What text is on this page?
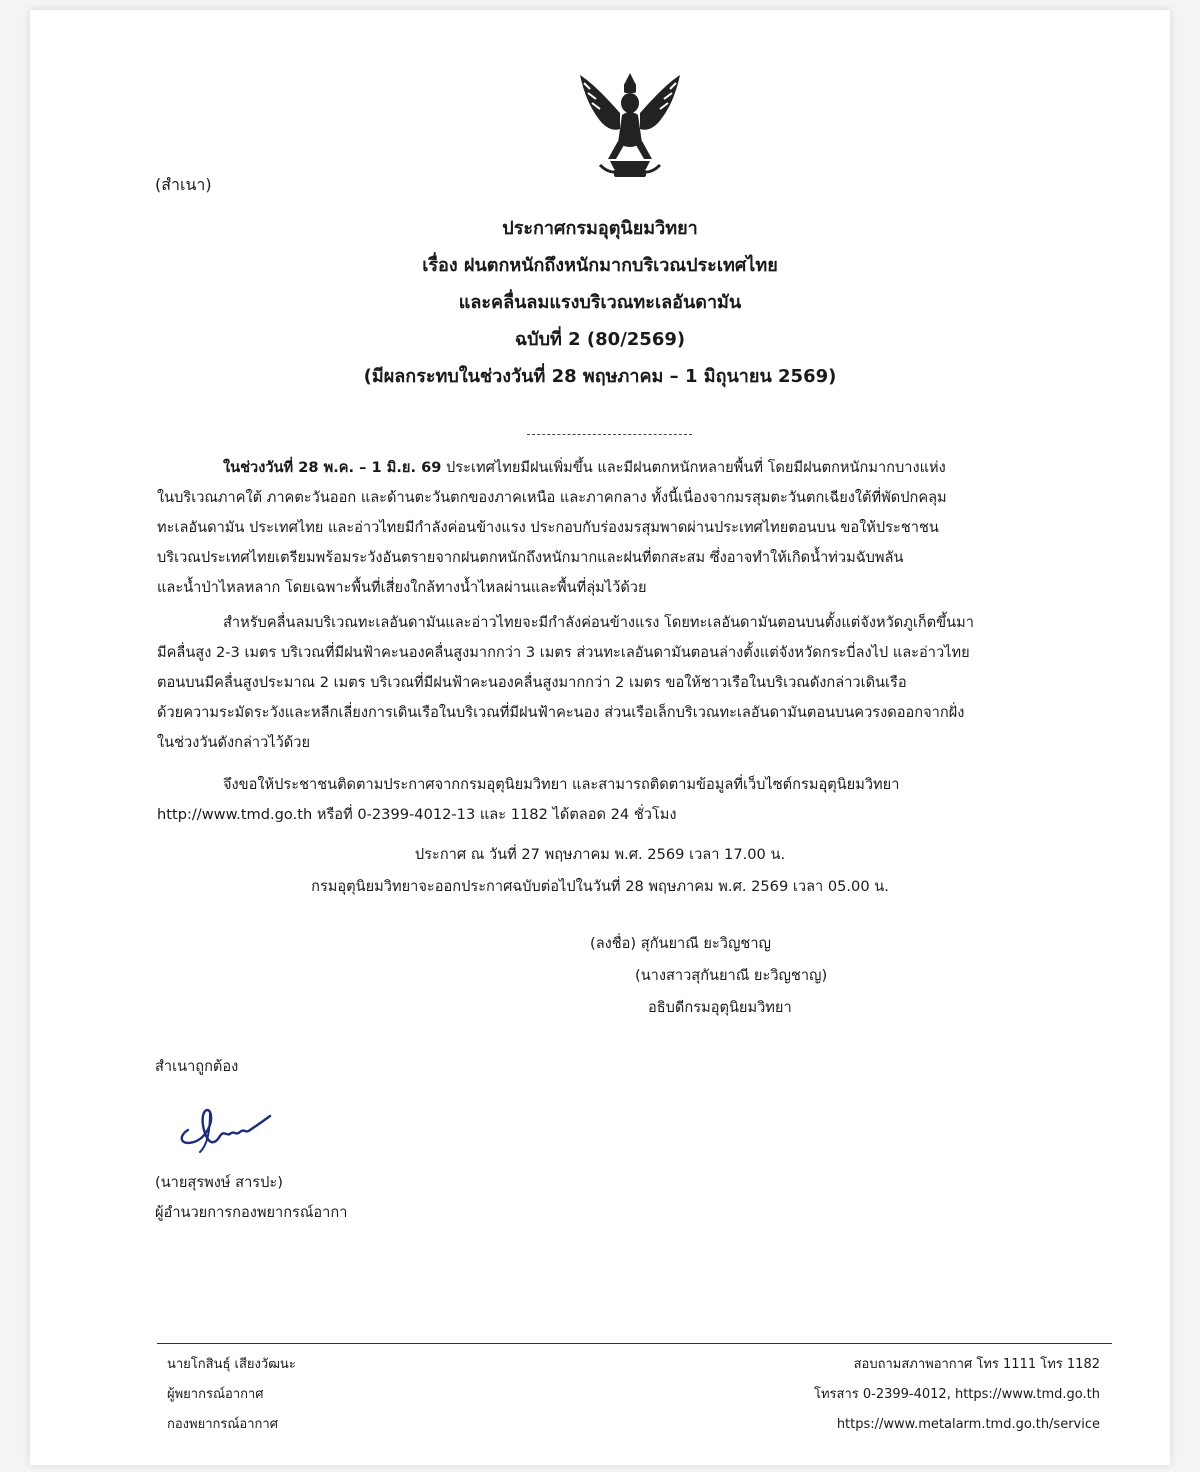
(สำเนา)
ประกาศกรมอุตุนิยมวิทยา
เรื่อง ฝนตกหนักถึงหนักมากบริเวณประเทศไทย
และคลื่นลมแรงบริเวณทะเลอันดามัน
ฉบับที่ 2 (80/2569)
(มีผลกระทบในช่วงวันที่ 28 พฤษภาคม – 1 มิถุนายน 2569)
ในช่วงวันที่ 28 พ.ค. – 1 มิ.ย. 69 ประเทศไทยมีฝนเพิ่มขึ้น และมีฝนตกหนักหลายพื้นที่ โดยมีฝนตกหนักมากบางแห่ง
ในบริเวณภาคใต้ ภาคตะวันออก และด้านตะวันตกของภาคเหนือ และภาคกลาง ทั้งนี้เนื่องจากมรสุมตะวันตกเฉียงใต้ที่พัดปกคลุม
ทะเลอันดามัน ประเทศไทย และอ่าวไทยมีกำลังค่อนข้างแรง ประกอบกับร่องมรสุมพาดผ่านประเทศไทยตอนบน ขอให้ประชาชน
บริเวณประเทศไทยเตรียมพร้อมระวังอันตรายจากฝนตกหนักถึงหนักมากและฝนที่ตกสะสม ซึ่งอาจทำให้เกิดน้ำท่วมฉับพลัน
และน้ำป่าไหลหลาก โดยเฉพาะพื้นที่เสี่ยงใกล้ทางน้ำไหลผ่านและพื้นที่ลุ่มไว้ด้วย
สำหรับคลื่นลมบริเวณทะเลอันดามันและอ่าวไทยจะมีกำลังค่อนข้างแรง โดยทะเลอันดามันตอนบนตั้งแต่จังหวัดภูเก็ตขึ้นมา
มีคลื่นสูง 2-3 เมตร บริเวณที่มีฝนฟ้าคะนองคลื่นสูงมากกว่า 3 เมตร ส่วนทะเลอันดามันตอนล่างตั้งแต่จังหวัดกระบี่ลงไป และอ่าวไทย
ตอนบนมีคลื่นสูงประมาณ 2 เมตร บริเวณที่มีฝนฟ้าคะนองคลื่นสูงมากกว่า 2 เมตร ขอให้ชาวเรือในบริเวณดังกล่าวเดินเรือ
ด้วยความระมัดระวังและหลีกเลี่ยงการเดินเรือในบริเวณที่มีฝนฟ้าคะนอง ส่วนเรือเล็กบริเวณทะเลอันดามันตอนบนควรงดออกจากฝั่ง
ในช่วงวันดังกล่าวไว้ด้วย
จึงขอให้ประชาชนติดตามประกาศจากกรมอุตุนิยมวิทยา และสามารถติดตามข้อมูลที่เว็บไซต์กรมอุตุนิยมวิทยา
http://www.tmd.go.th หรือที่ 0-2399-4012-13 และ 1182 ได้ตลอด 24 ชั่วโมง
ประกาศ ณ วันที่ 27 พฤษภาคม พ.ศ. 2569 เวลา 17.00 น.
กรมอุตุนิยมวิทยาจะออกประกาศฉบับต่อไปในวันที่ 28 พฤษภาคม พ.ศ. 2569 เวลา 05.00 น.
(ลงชื่อ) สุกันยาณี ยะวิญชาญ
(นางสาวสุกันยาณี ยะวิญชาญ)
อธิบดีกรมอุตุนิยมวิทยา
สำเนาถูกต้อง
(นายสุรพงษ์ สารปะ)
ผู้อำนวยการกองพยากรณ์อากา
นายโกสินธุ์ เสียงวัฒนะ
ผู้พยากรณ์อากาศ
กองพยากรณ์อากาศ
สอบถามสภาพอากาศ โทร 1111 โทร 1182
โทรสาร 0-2399-4012, https://www.tmd.go.th
https://www.metalarm.tmd.go.th/service
